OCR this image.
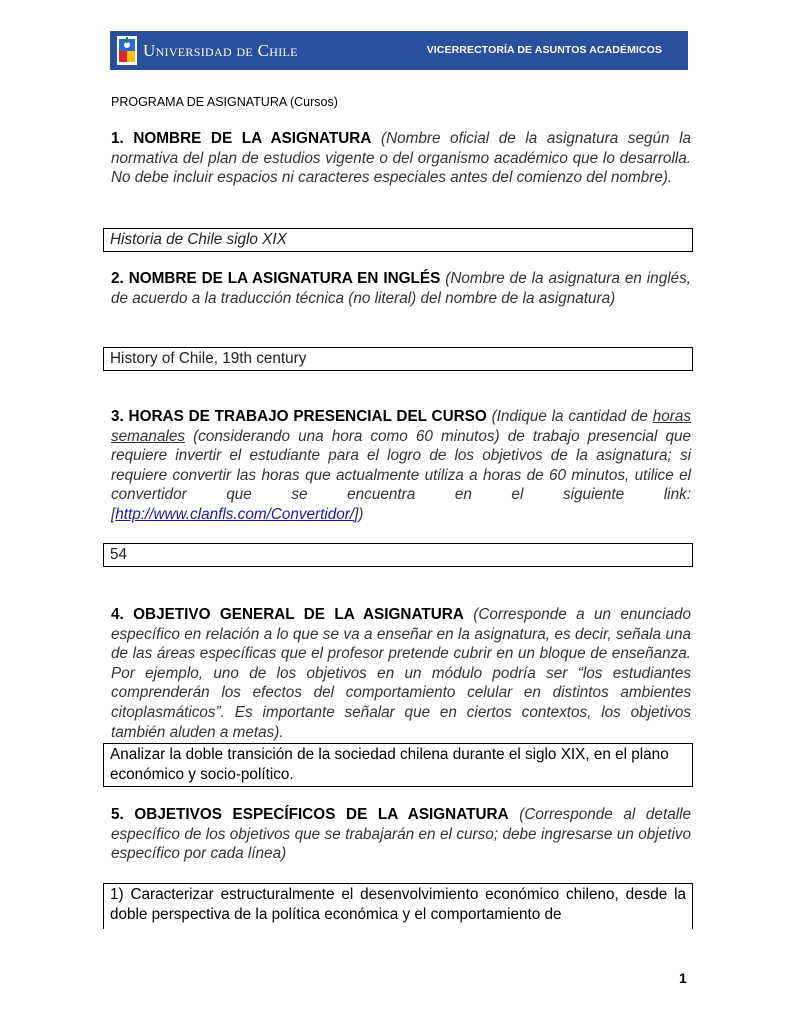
Universidad de Chile	VICERRECTORÍA DE ASUNTOS ACADÉMICOS
PROGRAMA DE ASIGNATURA (Cursos)
1. NOMBRE DE LA ASIGNATURA (Nombre oficial de la asignatura según la normativa del plan de estudios vigente o del organismo académico que lo desarrolla. No debe incluir espacios ni caracteres especiales antes del comienzo del nombre).
Historia de Chile siglo XIX
2. NOMBRE DE LA ASIGNATURA EN INGLÉS (Nombre de la asignatura en inglés, de acuerdo a la traducción técnica (no literal) del nombre de la asignatura)
History of Chile, 19th century
3. HORAS DE TRABAJO PRESENCIAL DEL CURSO (Indique la cantidad de horas semanales (considerando una hora como 60 minutos) de trabajo presencial que requiere invertir el estudiante para el logro de los objetivos de la asignatura; si requiere convertir las horas que actualmente utiliza a horas de 60 minutos, utilice el convertidor que se encuentra en el siguiente link: [http://www.clanfls.com/Convertidor/])
54
4. OBJETIVO GENERAL DE LA ASIGNATURA (Corresponde a un enunciado específico en relación a lo que se va a enseñar en la asignatura, es decir, señala una de las áreas específicas que el profesor pretende cubrir en un bloque de enseñanza. Por ejemplo, uno de los objetivos en un módulo podría ser “los estudiantes comprenderán los efectos del comportamiento celular en distintos ambientes citoplasmáticos”. Es importante señalar que en ciertos contextos, los objetivos también aluden a metas).
Analizar la doble transición de la sociedad chilena durante el siglo XIX, en el plano económico y socio-político.
5. OBJETIVOS ESPECÍFICOS DE LA ASIGNATURA (Corresponde al detalle específico de los objetivos que se trabajarán en el curso; debe ingresarse un objetivo específico por cada línea)
1) Caracterizar estructuralmente el desenvolvimiento económico chileno, desde la doble perspectiva de la política económica y el comportamiento de
1
